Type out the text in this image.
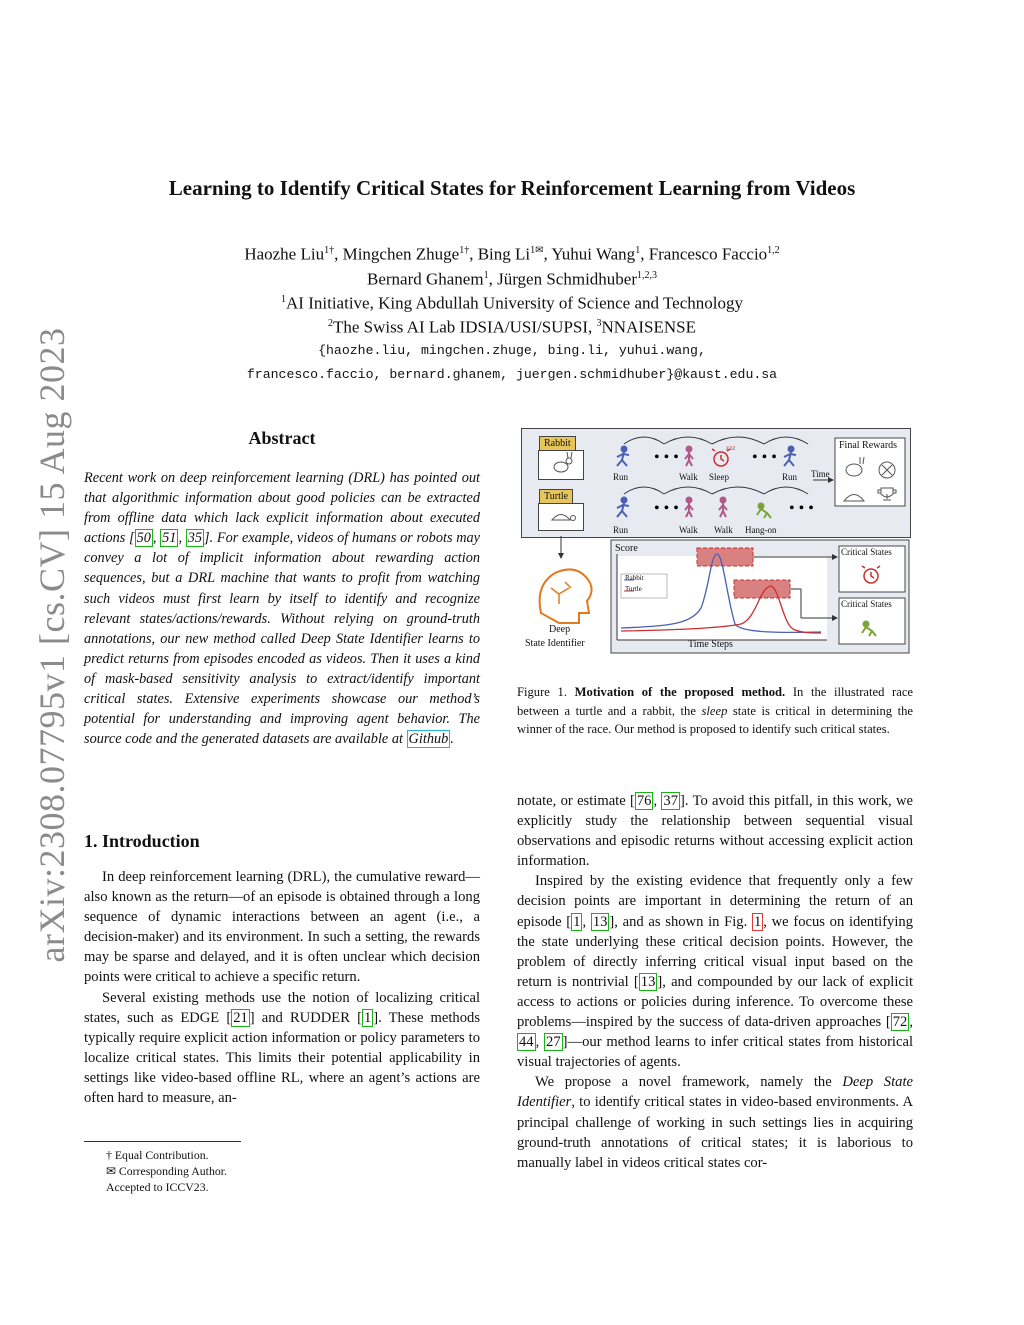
arXiv:2308.07795v1 [cs.CV] 15 Aug 2023
Learning to Identify Critical States for Reinforcement Learning from Videos
Haozhe Liu$^{1\dagger}$, Mingchen Zhuge$^{1\dagger}$, Bing $Li^{1✉}$, Yuhui Wang$^1$, Francesco Faccio$^{1,2}$
Bernard Ghanem$^1$, Jürgen Schmidhuber$^{1,2,3}$
$^1$AI Initiative, King Abdullah University of Science and Technology
$^2$The Swiss AI Lab IDSIA/USI/SUPSI, $^3$NNAISENSE
{haozhe.liu, mingchen.zhuge, bing.li, yuhui.wang,
francesco.faccio, bernard.ghanem, juergen.schmidhuber}@kaust.edu.sa
Abstract
Recent work on deep reinforcement learning (DRL) has pointed out that algorithmic information about good policies can be extracted from offline data which lack explicit information about executed actions [ 50 , 51 , 35 ]. For example, videos of humans or robots may convey a lot of implicit information about rewarding action sequences, but a DRL machine that wants to profit from watching such videos must first learn by itself to identify and recognize relevant states/actions/rewards. Without relying on ground-truth annotations, our new method called Deep State Identifier learns to predict returns from episodes encoded as videos. Then it uses a kind of mask-based sensitivity analysis to extract/identify important critical states. Extensive experiments showcase our method’s potential for understanding and improving agent behavior. The source code and the generated datasets are available at Github .
1. Introduction

In deep reinforcement learning (DRL), the cumulative reward—also known as the return—of an episode is obtained through a long sequence of dynamic interactions between an agent (i.e., a decision-maker) and its environment. In such a setting, the rewards may be sparse and delayed, and it is often unclear which decision points were critical to achieve a specific return.

Several existing methods use the notion of localizing critical states, such as EDGE [ 21 ] and RUDDER [ 1 ]. These methods typically require explicit action information or policy parameters to localize critical states. This limits their potential applicability in settings like video-based offline RL, where an agent’s actions are often hard to measure, an-

† Equal Contribution.
✉ Corresponding Author.
Accepted to ICCV23.
Rabbit
Turtle
• • •
zzz
• • •
• • •	• • •
Final Rewards
Time
Run	Walk Sleep	Run
Run	Walk Walk Hang-on
Score
Rabbit
Turtle
Time Steps
Critical States
Critical States
Deep
State Identifier
Figure 1. Motivation of the proposed method. In the illustrated race between a turtle and a rabbit, the sleep state is critical in determining the winner of the race. Our method is proposed to identify such critical states.

notate, or estimate [ 76 , 37 ]. To avoid this pitfall, in this work, we explicitly study the relationship between sequential visual observations and episodic returns without accessing explicit action information.

Inspired by the existing evidence that frequently only a few decision points are important in determining the return of an episode [ 1 , 13 ], and as shown in Fig. 1 , we focus on identifying the state underlying these critical decision points. However, the problem of directly inferring critical visual input based on the return is nontrivial [ 13 ], and compounded by our lack of explicit access to actions or policies during inference. To overcome these problems—inspired by the success of data-driven approaches [ 72 , 44 , 27 ]—our method learns to infer critical states from historical visual trajectories of agents.

We propose a novel framework, namely the Deep State Identifier, to identify critical states in video-based environments. A principal challenge of working in such settings lies in acquiring ground-truth annotations of critical states; it is laborious to manually label in videos critical states cor-
